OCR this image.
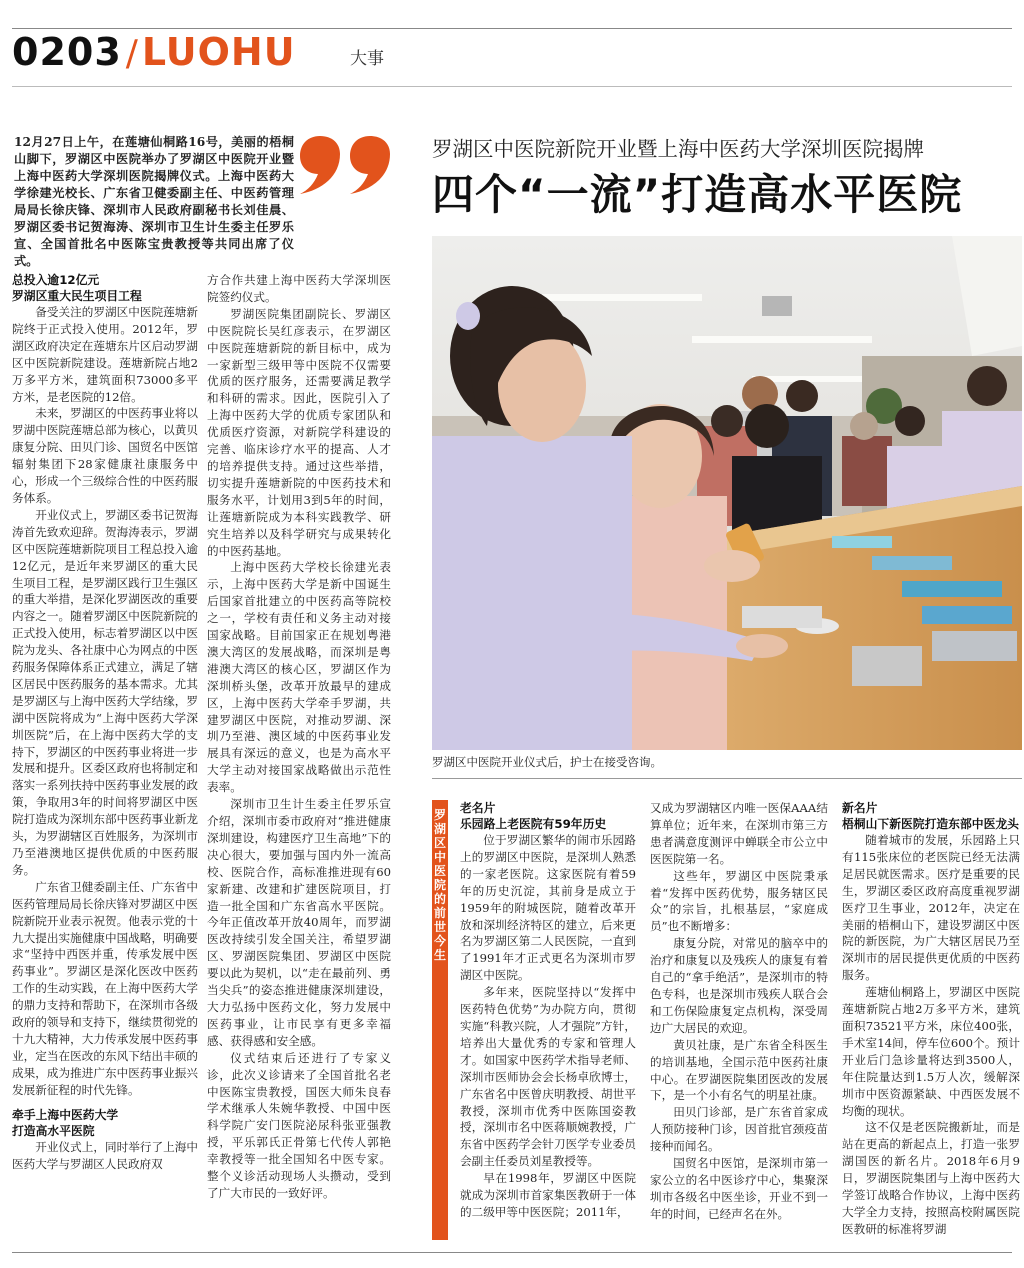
0203 / LUOHU	大事
12月27日上午，在莲塘仙桐路16号，美丽的梧桐山脚下，罗湖区中医院举办了罗湖区中医院开业暨上海中医药大学深圳医院揭牌仪式。上海中医药大学徐建光校长、广东省卫健委副主任、中医药管理局局长徐庆锋、深圳市人民政府副秘书长刘佳晨、罗湖区委书记贺海涛、深圳市卫生计生委主任罗乐宣、全国首批名中医陈宝贵教授等共同出席了仪式。
罗湖区中医院新院开业暨上海中医药大学深圳医院揭牌
四个“一流”打造高水平医院

总投入逾12亿元

罗湖区重大民生项目工程

备受关注的罗湖区中医院莲塘新院终于正式投入使用。2012年，罗湖区政府决定在莲塘东片区启动罗湖区中医院新院建设。莲塘新院占地2万多平方米，建筑面积73000多平方米，是老医院的12倍。

未来，罗湖区的中医药事业将以罗湖中医院莲塘总部为核心，以黄贝康复分院、田贝门诊、国贸名中医馆辐射集团下28家健康社康服务中心，形成一个三级综合性的中医药服务体系。

开业仪式上，罗湖区委书记贺海涛首先致欢迎辞。贺海涛表示，罗湖区中医院莲塘新院项目工程总投入逾12亿元，是近年来罗湖区的重大民生项目工程，是罗湖区践行卫生强区的重大举措，是深化罗湖医改的重要内容之一。随着罗湖区中医院新院的正式投入使用，标志着罗湖区以中医院为龙头、各社康中心为网点的中医药服务保障体系正式建立，满足了辖区居民中医药服务的基本需求。尤其是罗湖区与上海中医药大学结缘，罗湖中医院将成为“上海中医药大学深圳医院”后，在上海中医药大学的支持下，罗湖区的中医药事业将进一步发展和提升。区委区政府也将制定和落实一系列扶持中医药事业发展的政策，争取用3年的时间将罗湖区中医院打造成为深圳东部中医药事业新龙头，为罗湖辖区百姓服务，为深圳市乃至港澳地区提供优质的中医药服务。

广东省卫健委副主任、广东省中医药管理局局长徐庆锋对罗湖区中医院新院开业表示祝贺。他表示党的十九大提出实施健康中国战略，明确要求“坚持中西医并重，传承发展中医药事业”。罗湖区是深化医改中医药工作的生动实践，在上海中医药大学的鼎力支持和帮助下，在深圳市各级政府的领导和支持下，继续贯彻党的十九大精神，大力传承发展中医药事业，定当在医改的东风下结出丰硕的成果，成为推进广东中医药事业振兴发展新征程的时代先锋。

牵手上海中医药大学

打造高水平医院

开业仪式上，同时举行了上海中医药大学与罗湖区人民政府双

方合作共建上海中医药大学深圳医院签约仪式。

罗湖医院集团副院长、罗湖区中医院院长吴红彦表示，在罗湖区中医院莲塘新院的新目标中，成为一家新型三级甲等中医院不仅需要优质的医疗服务，还需要满足教学和科研的需求。因此，医院引入了上海中医药大学的优质专家团队和优质医疗资源，对新院学科建设的完善、临床诊疗水平的提高、人才的培养提供支持。通过这些举措，切实提升莲塘新院的中医药技术和服务水平，计划用3到5年的时间，让莲塘新院成为本科实践教学、研究生培养以及科学研究与成果转化的中医药基地。

上海中医药大学校长徐建光表示，上海中医药大学是新中国诞生后国家首批建立的中医药高等院校之一，学校有责任和义务主动对接国家战略。目前国家正在规划粤港澳大湾区的发展战略，而深圳是粤港澳大湾区的核心区，罗湖区作为深圳桥头堡，改革开放最早的建成区，上海中医药大学牵手罗湖，共建罗湖区中医院，对推动罗湖、深圳乃至港、澳区域的中医药事业发展具有深远的意义，也是为高水平大学主动对接国家战略做出示范性表率。

深圳市卫生计生委主任罗乐宣介绍，深圳市委市政府对“推进健康深圳建设，构建医疗卫生高地”下的决心很大，要加强与国内外一流高校、医院合作，高标准推进现有60家新建、改建和扩建医院项目，打造一批全国和广东省高水平医院。今年正值改革开放40周年，而罗湖医改持续引发全国关注，希望罗湖区、罗湖医院集团、罗湖区中医院要以此为契机，以“走在最前列、勇当尖兵”的姿态推进健康深圳建设，大力弘扬中医药文化，努力发展中医药事业，让市民享有更多幸福感、获得感和安全感。

仪式结束后还进行了专家义诊，此次义诊请来了全国首批名老中医陈宝贵教授，国医大师朱良春学术继承人朱婉华教授、中国中医科学院广安门医院泌尿科张亚强教授，平乐郭氏正骨第七代传人郭艳幸教授等一批全国知名中医专家。整个义诊活动现场人头攒动，受到了广大市民的一致好评。

罗湖区中医院开业仪式后，护士在接受咨询。
罗湖区中医院的前世今生

老名片

乐园路上老医院有59年历史

位于罗湖区繁华的闹市乐园路上的罗湖区中医院，是深圳人熟悉的一家老医院。这家医院有着59年的历史沉淀，其前身是成立于1959年的附城医院，随着改革开放和深圳经济特区的建立，后来更名为罗湖区第二人民医院，一直到了1991年才正式更名为深圳市罗湖区中医院。

多年来，医院坚持以“发挥中医药特色优势”为办院方向，贯彻实施“科教兴院，人才强院”方针，培养出大量优秀的专家和管理人才。如国家中医药学术指导老师、深圳市医师协会会长杨卓欣博士，广东省名中医曾庆明教授、胡世平教授，深圳市优秀中医陈国姿教授，深圳市名中医蒋顺婉教授，广东省中医药学会针刀医学专业委员会副主任委员刘星教授等。

早在1998年，罗湖区中医院就成为深圳市首家集医教研于一体的二级甲等中医医院；2011年，

又成为罗湖辖区内唯一医保AAA结算单位；近年来，在深圳市第三方患者满意度测评中蝉联全市公立中医医院第一名。

这些年，罗湖区中医院秉承着“发挥中医药优势，服务辖区民众”的宗旨，扎根基层，“家庭成员”也不断增多：

康复分院，对常见的脑卒中的治疗和康复以及残疾人的康复有着自己的“拿手绝活”，是深圳市的特色专科，也是深圳市残疾人联合会和工伤保险康复定点机构，深受周边广大居民的欢迎。

黄贝社康，是广东省全科医生的培训基地，全国示范中医药社康中心。在罗湖医院集团医改的发展下，是一个小有名气的明星社康。

田贝门诊部，是广东省首家成人预防接种门诊，因首批官颈疫苗接种而闻名。

国贸名中医馆，是深圳市第一家公立的名中医诊疗中心，集聚深圳市各级名中医坐诊，开业不到一年的时间，已经声名在外。

新名片

梧桐山下新医院打造东部中医龙头

随着城市的发展，乐园路上只有115张床位的老医院已经无法满足居民就医需求。医疗是重要的民生，罗湖区委区政府高度重视罗湖医疗卫生事业，2012年，决定在美丽的梧桐山下，建设罗湖区中医院的新医院，为广大辖区居民乃至深圳市的居民提供更优质的中医药服务。

莲塘仙桐路上，罗湖区中医院莲塘新院占地2万多平方米，建筑面积73521平方米，床位400张，手术室14间，停车位600个。预计开业后门急诊量将达到3500人，年住院量达到1.5万人次，缓解深圳市中医资源紧缺、中西医发展不均衡的现状。

这不仅是老医院搬新址，而是站在更高的新起点上，打造一张罗湖国医的新名片。2018年6月9日，罗湖医院集团与上海中医药大学签订战略合作协议，上海中医药大学全力支持，按照高校附属医院医教研的标准将罗湖
